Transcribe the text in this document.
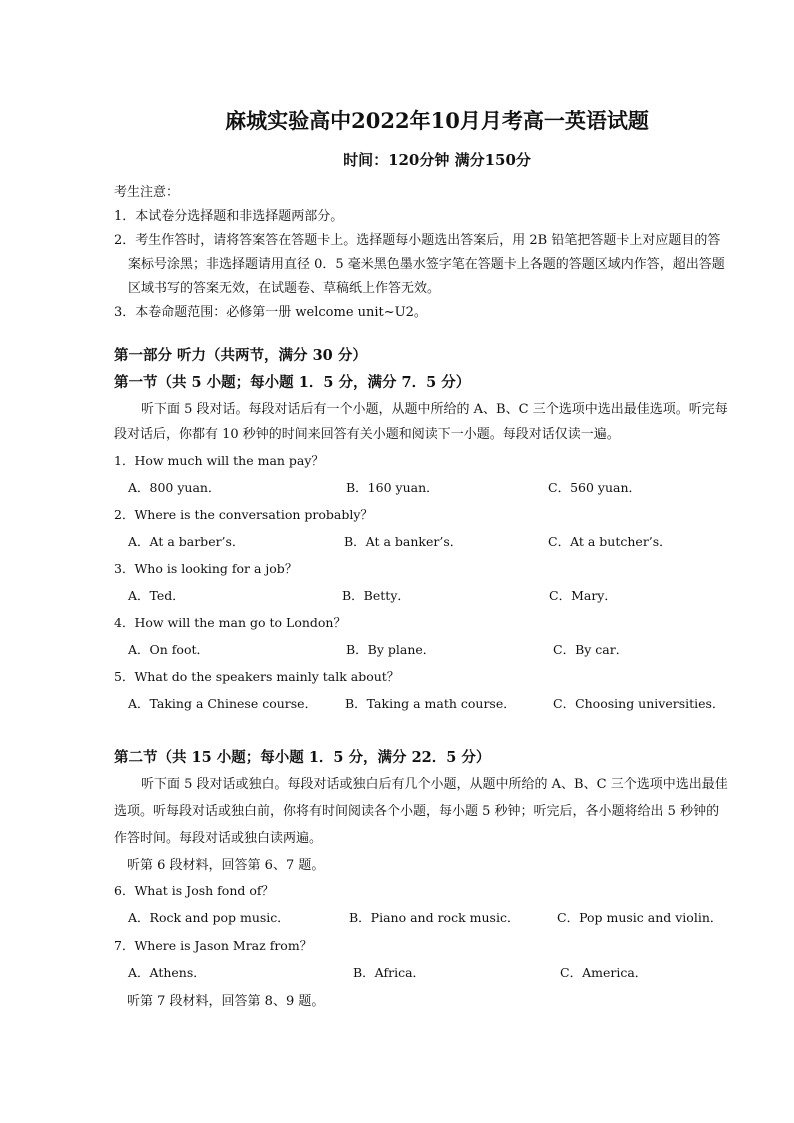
麻城实验高中2022年10月月考高一英语试题
时间：120分钟 满分150分
考生注意：
1．本试卷分选择题和非选择题两部分。
2．考生作答时，请将答案答在答题卡上。选择题每小题选出答案后，用 2B 铅笔把答题卡上对应题目的答
案标号涂黑；非选择题请用直径 0．5 毫米黑色墨水签字笔在答题卡上各题的答题区域内作答，超出答题
区域书写的答案无效，在试题卷、草稿纸上作答无效。
3．本卷命题范围：必修第一册 welcome unit~U2。
第一部分 听力（共两节，满分 30 分）
第一节（共 5 小题；每小题 1．5 分，满分 7．5 分）
听下面 5 段对话。每段对话后有一个小题，从题中所给的 A、B、C 三个选项中选出最佳选项。听完每
段对话后，你都有 10 秒钟的时间来回答有关小题和阅读下一小题。每段对话仅读一遍。
1．How much will the man pay？
A．800 yuan．	B．160 yuan．	C．560 yuan．
2．Where is the conversation probably？
A．At a barber’s．	B．At a banker’s．	C．At a butcher’s．
3．Who is looking for a job？
A．Ted．	B．Betty．	C．Mary．
4．How will the man go to London？
A．On foot．	B．By plane．	C．By car．
5．What do the speakers mainly talk about？
A．Taking a Chinese course． B．Taking a math course．	C．Choosing universities．
第二节（共 15 小题；每小题 1．5 分，满分 22．5 分）
听下面 5 段对话或独白。每段对话或独白后有几个小题，从题中所给的 A、B、C 三个选项中选出最佳
选项。听每段对话或独白前，你将有时间阅读各个小题，每小题 5 秒钟；听完后，各小题将给出 5 秒钟的
作答时间。每段对话或独白读两遍。
听第 6 段材料，回答第 6、7 题。
6．What is Josh fond of？
A．Rock and pop music．	B．Piano and rock music．	C．Pop music and violin．
7．Where is Jason Mraz from？
A．Athens．	B．Africa．	C．America．
听第 7 段材料，回答第 8、9 题。
